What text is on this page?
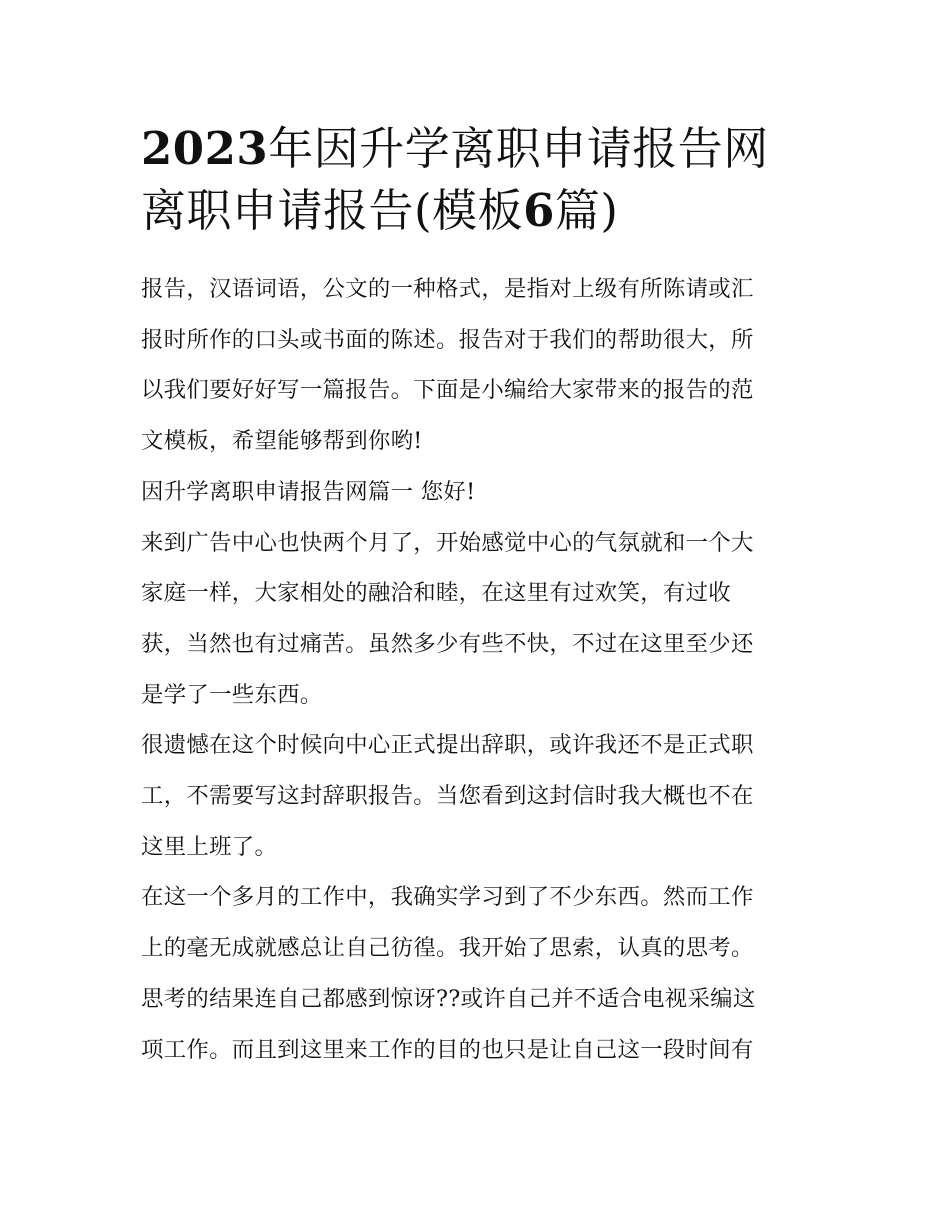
2023年因升学离职申请报告网
离职申请报告(模板6篇)
报告，汉语词语，公文的一种格式，是指对上级有所陈请或汇
报时所作的口头或书面的陈述。报告对于我们的帮助很大，所
以我们要好好写一篇报告。下面是小编给大家带来的报告的范
文模板，希望能够帮到你哟!
因升学离职申请报告网篇一 您好!
来到广告中心也快两个月了，开始感觉中心的气氛就和一个大
家庭一样，大家相处的融洽和睦，在这里有过欢笑，有过收
获，当然也有过痛苦。虽然多少有些不快，不过在这里至少还
是学了一些东西。
很遗憾在这个时候向中心正式提出辞职，或许我还不是正式职
工，不需要写这封辞职报告。当您看到这封信时我大概也不在
这里上班了。
在这一个多月的工作中，我确实学习到了不少东西。然而工作
上的毫无成就感总让自己彷徨。我开始了思索，认真的思考。
思考的结果连自己都感到惊讶??或许自己并不适合电视采编这
项工作。而且到这里来工作的目的也只是让自己这一段时间有
